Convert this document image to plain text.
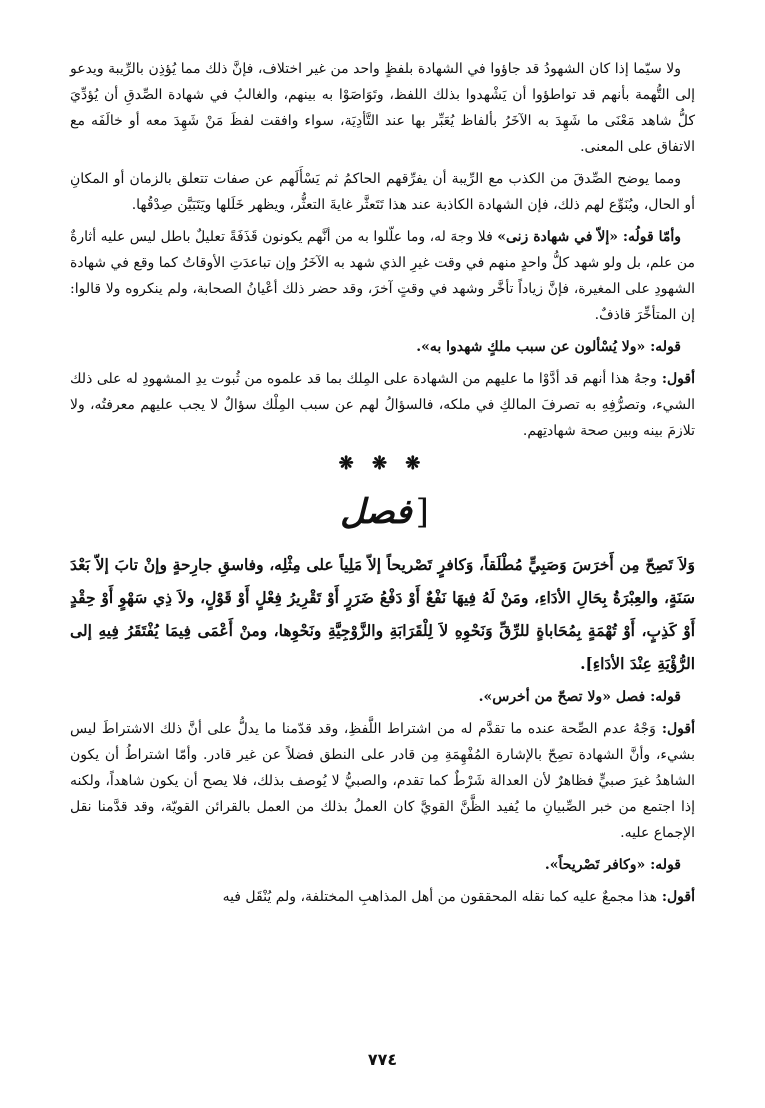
ولا سيّما إذا كان الشهودُ قد جاؤوا في الشهادة بلفظٍ واحد من غير اختلاف، فإنَّ ذلك مما يُؤذِن بالرِّيبة ويدعو إلى التُّهمة بأنهم قد تواطؤوا أن يَشْهدوا بذلك اللفظ، وتَوَاصَوْا به بينهم، والغالبُ في شهادة الصِّدقِ أن يُؤدِّيَ كلُّ شاهد مَعْنَى ما شَهِدَ به الآخَرُ بألفاظ يُعَبِّر بها عند التَّأدِيَة، سواء وافقت لفظَ مَنْ شَهِدَ معه أو خالَفَه مع الاتفاق على المعنى.

ومما يوضح الصِّدقَ من الكذب مع الرِّيبة أن يفرِّقهم الحاكمُ ثم يَسْأَلَهم عن صفات تتعلق بالزمان أو المكانِ أو الحال، ويُنَوِّع لهم ذلك، فإن الشهادة الكاذبة عند هذا تَتَعثَّر غايةَ التعثُّر، ويظهر خَلَلها ويَتَبَيَّن صِدْقُها.

وأمّا قولُه: «إلاّ في شهادة زنى» فلا وجهَ له، وما علّلوا به من أنَّهم يكونون قَذَفَةً تعليلٌ باطل ليس عليه أثارةٌ من علم، بل ولو شهد كلُّ واحدٍ منهم في وقت غيرِ الذي شهد به الآخَرُ وإن تباعدَتِ الأوقاتُ كما وقع في شهادة الشهودِ على المغيرة، فإنَّ زياداً تأخَّر وشهد في وقتٍ آخرَ، وقد حضر ذلك أعْيانُ الصحابة، ولم ينكروه ولا قالوا: إن المتأخِّرَ قاذفٌ.

قوله: «ولا يُسْألون عن سبب ملكٍ شهدوا به».

أقول: وجهُ هذا أنهم قد أدَّوْا ما عليهم من الشهادة على المِلك بما قد علموه من ثُبوت يدِ المشهودِ له على ذلك الشيء، وتصرُّفِهِ به تصرفَ المالكِ في ملكه، فالسؤالُ لهم عن سبب المِلْك سؤالٌ لا يجب عليهم معرفتُه، ولا تلازمَ بينه وبين صحة شهادتِهم.

❋ ❋ ❋
[فصل

وَلاَ تَصِحّ مِن أَخرَسَ وَصَبِيٍّ مُطْلَقاً، وَكافرٍ تَصْريحاً إلاّ مَلِياً على مِثْلِه، وفاسقِ جارِحةٍ وإنْ تابَ إلاّ بَعْدَ سَنَةٍ، والعِبْرَةُ بِحَالِ الأدَاءِ، ومَنْ لَهُ فِيهَا نَفْعٌ أَوْ دَفْعُ ضَرَرٍ أَوْ تَقْرِيرُ فِعْلٍ أَوْ قَوْلٍ، ولاَ ذِي سَهْوٍ أَوْ حِقْدٍ أَوْ كَذِبٍ، أَوْ تُهْمَةٍ بِمُحَاباةٍ للرِّقِّ وَنَحْوِهِ لاَ لِلْقَرَابَةِ والزَّوْجِيَّةِ ونَحْوِها، ومنْ أَعْمَى فِيمَا يُفْتَقَرُ فِيهِ إلى الرُّؤْيَةِ عِنْدَ الأدَاءِ].

قوله: فصل «ولا تصحّ من أخرس».

أقول: وَجْهُ عدم الصِّحة عنده ما تقدَّم له من اشتراط اللَّفظِ، وقد قدّمنا ما يدلُّ على أنَّ ذلك الاشتراطَ ليس بشيء، وأنَّ الشهادة تصِحّ بالإشارة المُفْهِمَةِ مِن قادر على النطق فضلاً عن غير قادر. وأمّا اشتراطُ أن يكون الشاهدُ غيرَ صبيٍّ فظاهرٌ لأن العدالة شَرْطٌ كما تقدم، والصبيُّ لا يُوصف بذلك، فلا يصح أن يكون شاهداً، ولكنه إذا اجتمع من خبر الصِّبيانِ ما يُفيد الظَّنَّ القويَّ كان العملُ بذلك من العمل بالقرائن القويّة، وقد قدَّمنا نقل الإجماع عليه.

قوله: «وكافر تَصْريحاً».

أقول: هذا مجمعٌ عليه كما نقله المحققون من أهل المذاهبِ المختلفة، ولم يُنْقَل فيه

٧٧٤
